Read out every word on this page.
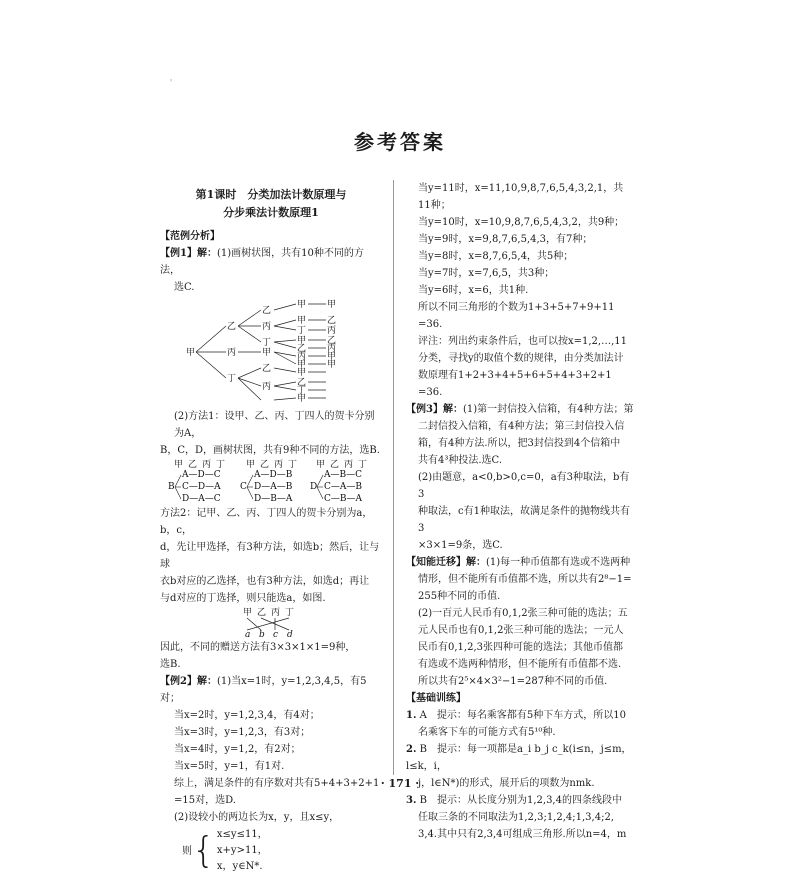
'
参考答案
第1课时　分类加法计数原理与
分步乘法计数原理1

【范例分析】

【例1】解：(1)画树状图，共有10种不同的方法，

选C.

甲
乙
丙
丁
乙
丙
丁
甲
乙
丙
甲
甲
丁
甲
乙
丙
甲
甲
乙
丁
甲
甲
乙
丙
乙
丙
甲
甲

(2)方法1：设甲、乙、丙、丁四人的贺卡分别为A，

B，C，D，画树状图，共有9种不同的方法，选B.

甲 乙 丙 丁 甲 乙 丙 丁 甲 乙 丙 丁
B
A—D—C
C—D—A
D—A—C
C
A—D—B
D—A—B
D—B—A
D
A—B—C
C—A—B
C—B—A

方法2：记甲、乙、丙、丁四人的贺卡分别为a，b，c，

d，先让甲选择，有3种方法，如选b；然后，让与球

衣b对应的乙选择，也有3种方法，如选d；再让

与d对应的丁选择，则只能选a，如图.

甲 乙 丙 丁
a b c d

因此，不同的赠送方法有3×3×1×1=9种，

选B.

【例2】解：(1)当x=1时，y=1,2,3,4,5，有5对；

当x=2时，y=1,2,3,4，有4对；

当x=3时，y=1,2,3，有3对；

当x=4时，y=1,2，有2对；

当x=5时，y=1，有1对.

综上，满足条件的有序数对共有5+4+3+2+1

=15对，选D.

(2)设较小的两边长为x，y，且x≤y，

则 { x≤y≤11，
x+y>11，
x，y∈N*.

当y=11时，x=11,10,9,8,7,6,5,4,3,2,1，共

11种；

当y=10时，x=10,9,8,7,6,5,4,3,2，共9种；

当y=9时，x=9,8,7,6,5,4,3，有7种；

当y=8时，x=8,7,6,5,4，共5种；

当y=7时，x=7,6,5，共3种；

当y=6时，x=6，共1种.

所以不同三角形的个数为1+3+5+7+9+11

=36.

评注：列出约束条件后，也可以按x=1,2,…,11

分类，寻找y的取值个数的规律，由分类加法计

数原理有1+2+3+4+5+6+5+4+3+2+1

=36.

【例3】解：(1)第一封信投入信箱，有4种方法；第

二封信投入信箱，有4种方法；第三封信投入信

箱，有4种方法.所以，把3封信投到4个信箱中

共有4³种投法.选C.

(2)由题意，a<0,b>0,c=0，a有3种取法，b有3

种取法，c有1种取法，故满足条件的抛物线共有3

×3×1=9条，选C.

【知能迁移】解：(1)每一种币值都有选或不选两种

情形，但不能所有币值都不选，所以共有2⁸−1=

255种不同的币值.

(2)一百元人民币有0,1,2张三种可能的选法；五

元人民币也有0,1,2张三种可能的选法；一元人

民币有0,1,2,3张四种可能的选法；其他币值都

有选或不选两种情形，但不能所有币值都不选.

所以共有2⁵×4×3²−1=287种不同的币值.

【基础训练】

1. A　提示：每名乘客都有5种下车方式，所以10

名乘客下车的可能方式有5¹⁰种.

2. B　提示：每一项都是a_i b_j c_k(i≤n，j≤m，l≤k，i，

j，l∈N*)的形式，展开后的项数为nmk.

3. B　提示：从长度分别为1,2,3,4的四条线段中

任取三条的不同取法为1,2,3;1,2,4;1,3,4;2,

3,4.其中只有2,3,4可组成三角形.所以n=4，m

· 171 ·
